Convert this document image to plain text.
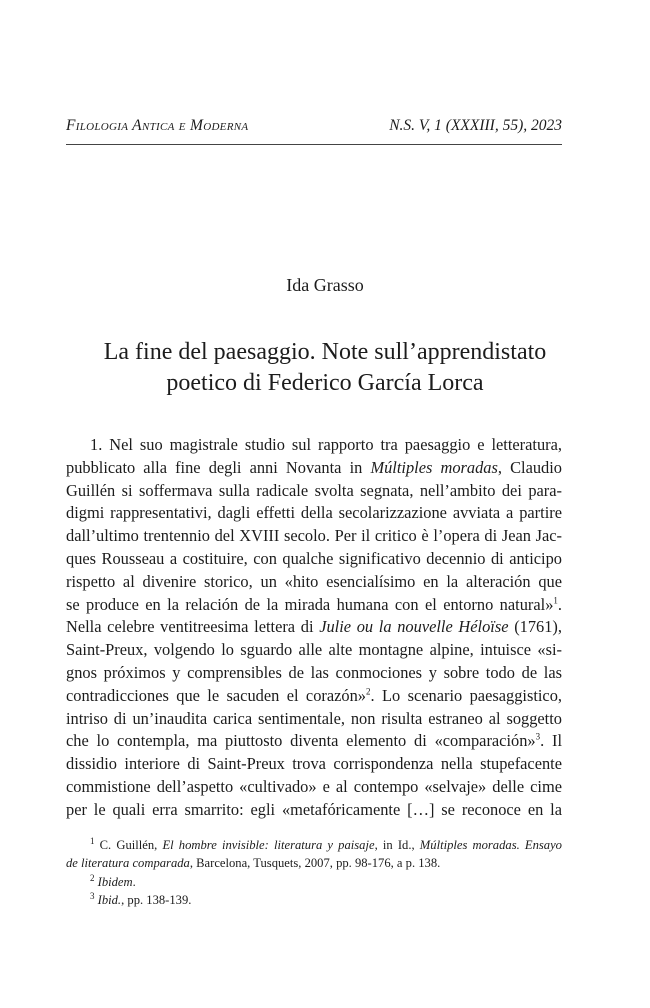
Filologia Antica e Moderna	N.S. V, 1 (XXXIII, 55), 2023
Ida Grasso
La fine del paesaggio. Note sull’apprendistato
poetico di Federico García Lorca
1. Nel suo magistrale studio sul rapporto tra paesaggio e letteratura,
pubblicato alla fine degli anni Novanta in Múltiples moradas, Claudio
Guillén si soffermava sulla radicale svolta segnata, nell’ambito dei para-
digmi rappresentativi, dagli effetti della secolarizzazione avviata a partire
dall’ultimo trentennio del XVIII secolo. Per il critico è l’opera di Jean Jac-
ques Rousseau a costituire, con qualche significativo decennio di anticipo
rispetto al divenire storico, un «hito esencialísimo en la alteración que
se produce en la relación de la mirada humana con el entorno natural»$^1$.
Nella celebre ventitreesima lettera di Julie ou la nouvelle Héloïse (1761),
Saint-Preux, volgendo lo sguardo alle alte montagne alpine, intuisce «si-
gnos próximos y comprensibles de las conmociones y sobre todo de las
contradicciones que le sacuden el corazón»$^2$. Lo scenario paesaggistico,
intriso di un’inaudita carica sentimentale, non risulta estraneo al soggetto
che lo contempla, ma piuttosto diventa elemento di «comparación»$^3$. Il
dissidio interiore di Saint-Preux trova corrispondenza nella stupefacente
commistione dell’aspetto «cultivado» e al contempo «selvaje» delle cime
per le quali erra smarrito: egli «metafóricamente […] se reconoce en la
$^1$ C. Guillén, El hombre invisible: literatura y paisaje, in Id., Múltiples moradas. Ensayo
de literatura comparada, Barcelona, Tusquets, 2007, pp. 98-176, a p. 138.
$^2$ Ibidem.
$^3$ Ibid., pp. 138-139.
